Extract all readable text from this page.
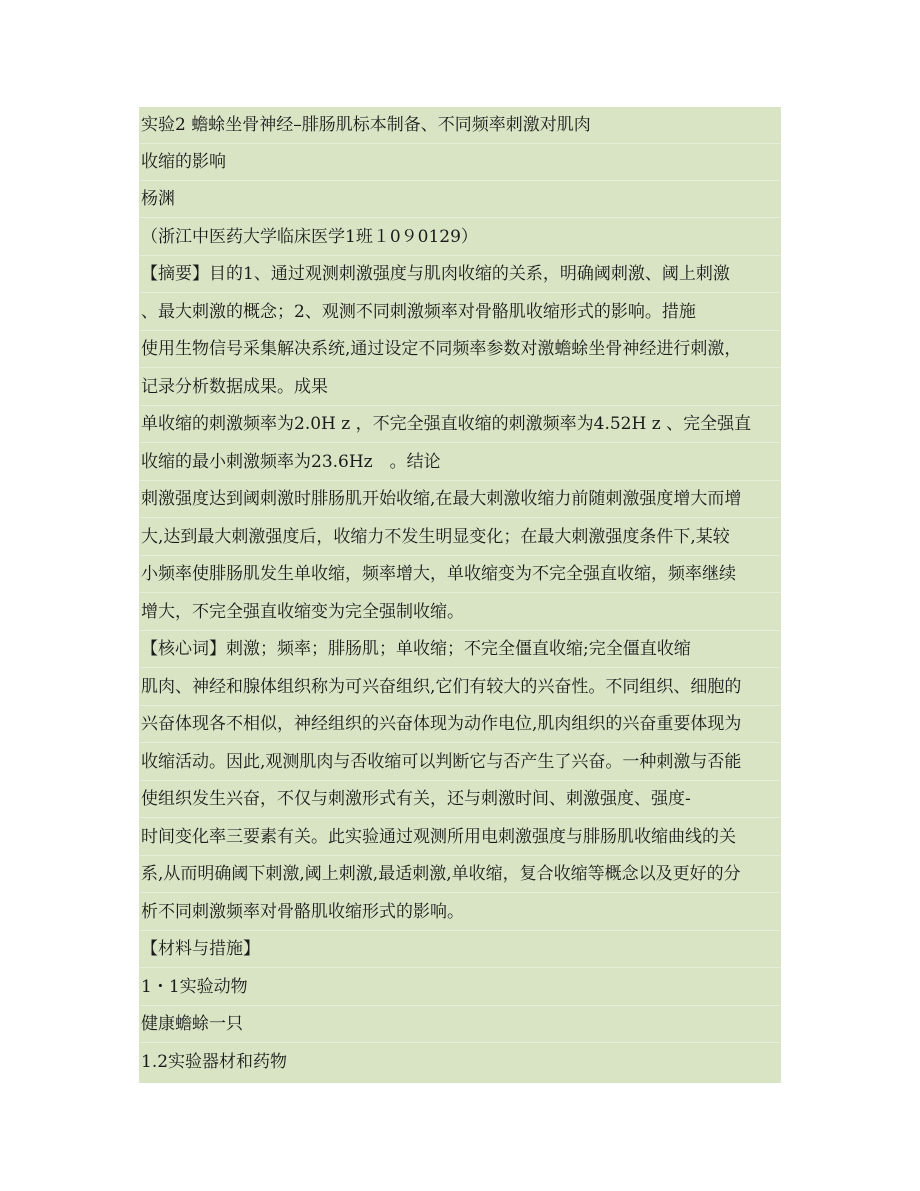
实验2 蟾蜍坐骨神经–腓肠肌标本制备、不同频率刺激对肌肉
收缩的影响
杨渊
（浙江中医药大学临床医学1班１0９0129）
【摘要】目的1、通过观测刺激强度与肌肉收缩的关系，明确阈刺激、阈上刺激
、最大刺激的概念；2、观测不同刺激频率对骨骼肌收缩形式的影响。措施
使用生物信号采集解决系统,通过设定不同频率参数对激蟾蜍坐骨神经进行刺激，
记录分析数据成果。成果
单收缩的刺激频率为2.0H z ，不完全强直收缩的刺激频率为4.52H z 、完全强直
收缩的最小刺激频率为23.6Hz　。结论
刺激强度达到阈刺激时腓肠肌开始收缩,在最大刺激收缩力前随刺激强度增大而增
大,达到最大刺激强度后，收缩力不发生明显变化；在最大刺激强度条件下,某较
小频率使腓肠肌发生单收缩，频率增大，单收缩变为不完全强直收缩，频率继续
增大，不完全强直收缩变为完全强制收缩。
【核心词】刺激；频率；腓肠肌；单收缩；不完全僵直收缩;完全僵直收缩
肌肉、神经和腺体组织称为可兴奋组织,它们有较大的兴奋性。不同组织、细胞的
兴奋体现各不相似，神经组织的兴奋体现为动作电位,肌肉组织的兴奋重要体现为
收缩活动。因此,观测肌肉与否收缩可以判断它与否产生了兴奋。一种刺激与否能
使组织发生兴奋，不仅与刺激形式有关，还与刺激时间、刺激强度、强度-
时间变化率三要素有关。此实验通过观测所用电刺激强度与腓肠肌收缩曲线的关
系,从而明确阈下刺激,阈上刺激,最适刺激,单收缩，复合收缩等概念以及更好的分
析不同刺激频率对骨骼肌收缩形式的影响。
【材料与措施】
1・1实验动物
健康蟾蜍一只
1.2实验器材和药物
